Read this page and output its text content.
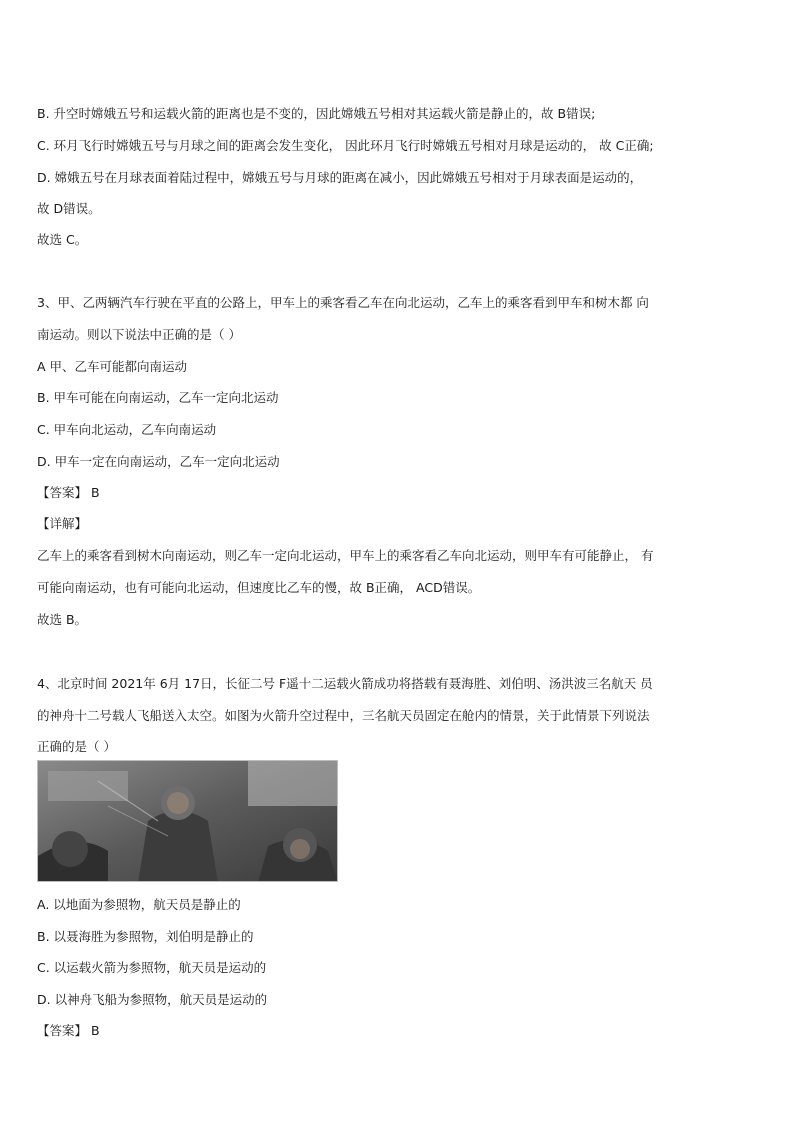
B. 升空时嫦娥五号和运载火箭的距离也是不变的，因此嫦娥五号相对其运载火箭是静止的，故 B错误;
C. 环月飞行时嫦娥五号与月球之间的距离会发生变化， 因此环月飞行时嫦娥五号相对月球是运动的， 故 C正确;
D. 嫦娥五号在月球表面着陆过程中，嫦娥五号与月球的距离在减小，因此嫦娥五号相对于月球表面是运动的，
故 D错误。
故选 C。
3、甲、乙两辆汽车行驶在平直的公路上，甲车上的乘客看乙车在向北运动，乙车上的乘客看到甲车和树木都 向
南运动。则以下说法中正确的是（ ）
A 甲、乙车可能都向南运动
B. 甲车可能在向南运动，乙车一定向北运动
C. 甲车向北运动，乙车向南运动
D. 甲车一定在向南运动，乙车一定向北运动
【答案】 B
【详解】
乙车上的乘客看到树木向南运动，则乙车一定向北运动，甲车上的乘客看乙车向北运动，则甲车有可能静止， 有
可能向南运动，也有可能向北运动，但速度比乙车的慢，故 B正确， ACD错误。
故选 B。
4、北京时间 2021年 6月 17日，长征二号 F遥十二运载火箭成功将搭载有聂海胜、刘伯明、汤洪波三名航天 员
的神舟十二号载人飞船送入太空。如图为火箭升空过程中，三名航天员固定在舱内的情景，关于此情景下列说法
正确的是（ ）
A. 以地面为参照物，航天员是静止的
B. 以聂海胜为参照物，刘伯明是静止的
C. 以运载火箭为参照物，航天员是运动的
D. 以神舟飞船为参照物，航天员是运动的
【答案】 B
